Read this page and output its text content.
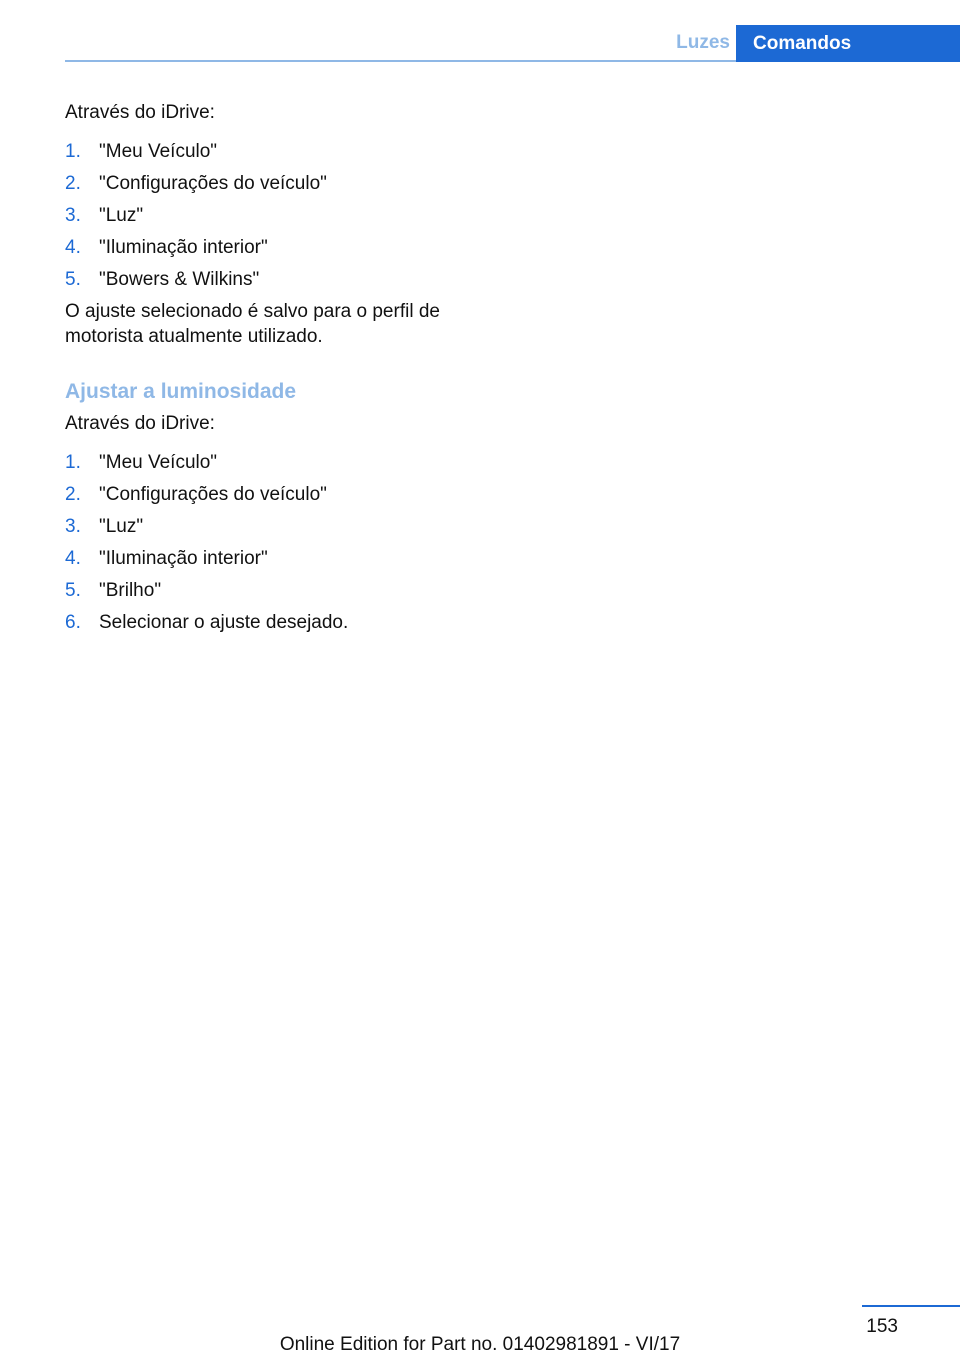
Luzes	Comandos

Através do iDrive:

1. "Meu Veículo"
2. "Configurações do veículo"
3. "Luz"
4. "Iluminação interior"
5. "Bowers & Wilkins"

O ajuste selecionado é salvo para o perfil de motorista atualmente utilizado.

Ajustar a luminosidade

Através do iDrive:

1. "Meu Veículo"
2. "Configurações do veículo"
3. "Luz"
4. "Iluminação interior"
5. "Brilho"
6. Selecionar o ajuste desejado.
153
Online Edition for Part no. 01402981891 - VI/17
